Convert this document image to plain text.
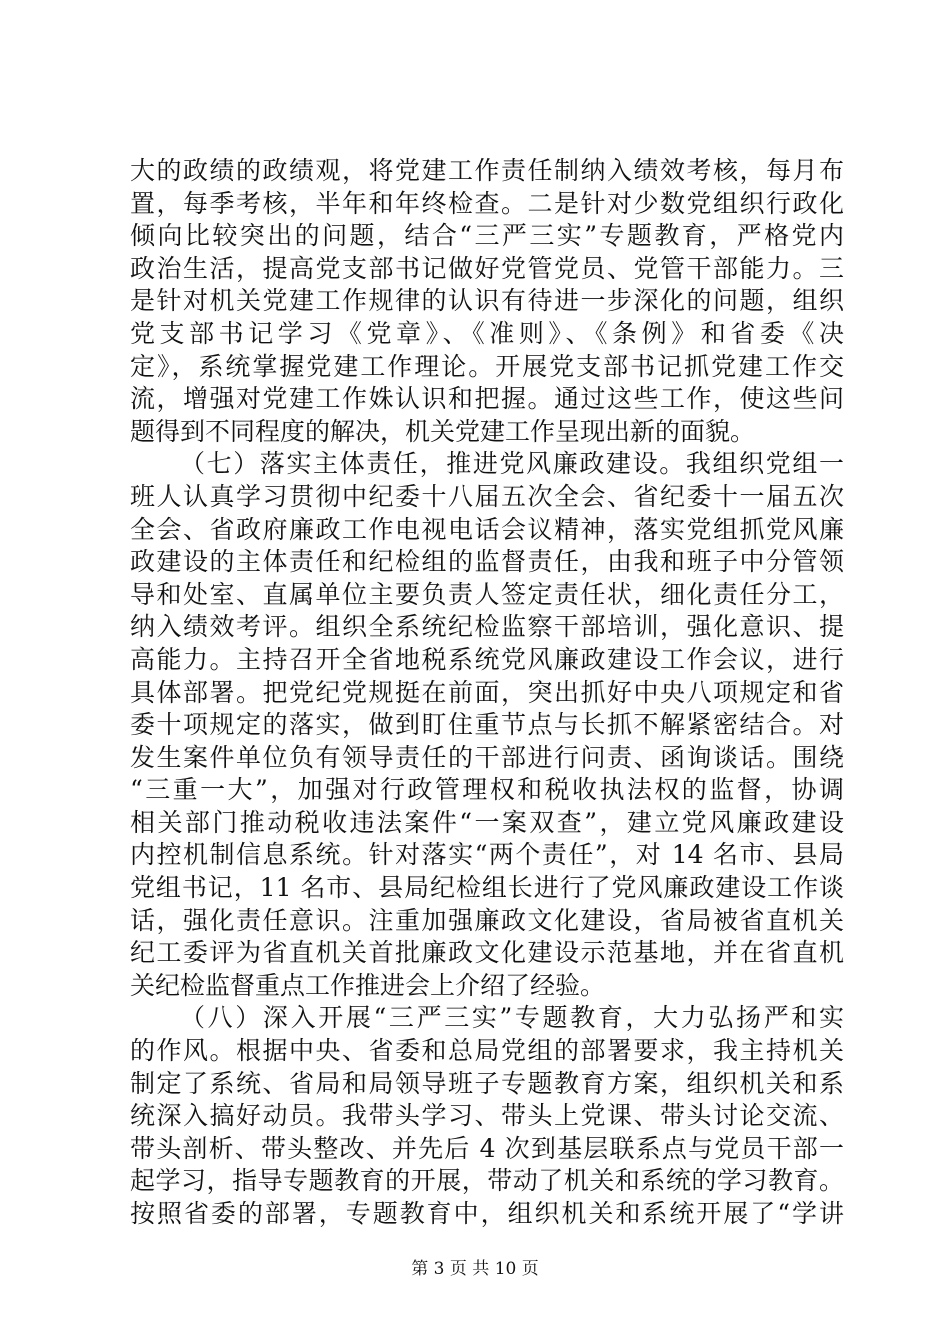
大的政绩的政绩观，将党建工作责任制纳入绩效考核，每月布
置，每季考核，半年和年终检查。二是针对少数党组织行政化
倾向比较突出的问题，结合“三严三实”专题教育，严格党内
政治生活，提高党支部书记做好党管党员、党管干部能力。三
是针对机关党建工作规律的认识有待进一步深化的问题，组织
党支部书记学习《党章》、《准则》、《条例》和省委《决
定》，系统掌握党建工作理论。开展党支部书记抓党建工作交
流，增强对党建工作姝认识和把握。通过这些工作，使这些问
题得到不同程度的解决，机关党建工作呈现出新的面貌。
（七）落实主体责任，推进党风廉政建设。我组织党组一
班人认真学习贯彻中纪委十八届五次全会、省纪委十一届五次
全会、省政府廉政工作电视电话会议精神，落实党组抓党风廉
政建设的主体责任和纪检组的监督责任，由我和班子中分管领
导和处室、直属单位主要负责人签定责任状，细化责任分工，
纳入绩效考评。组织全系统纪检监察干部培训，强化意识、提
高能力。主持召开全省地税系统党风廉政建设工作会议，进行
具体部署。把党纪党规挺在前面，突出抓好中央八项规定和省
委十项规定的落实，做到盯住重节点与长抓不解紧密结合。对
发生案件单位负有领导责任的干部进行问责、函询谈话。围绕
“三重一大”，加强对行政管理权和税收执法权的监督，协调
相关部门推动税收违法案件“一案双查”，建立党风廉政建设
内控机制信息系统。针对落实“两个责任”，对 14 名市、县局
党组书记，11 名市、县局纪检组长进行了党风廉政建设工作谈
话，强化责任意识。注重加强廉政文化建设，省局被省直机关
纪工委评为省直机关首批廉政文化建设示范基地，并在省直机
关纪检监督重点工作推进会上介绍了经验。
（八）深入开展“三严三实”专题教育，大力弘扬严和实
的作风。根据中央、省委和总局党组的部署要求，我主持机关
制定了系统、省局和局领导班子专题教育方案，组织机关和系
统深入搞好动员。我带头学习、带头上党课、带头讨论交流、
带头剖析、带头整改、并先后 4 次到基层联系点与党员干部一
起学习，指导专题教育的开展，带动了机关和系统的学习教育。
按照省委的部署，专题教育中，组织机关和系统开展了“学讲
第 3 页 共 10 页
